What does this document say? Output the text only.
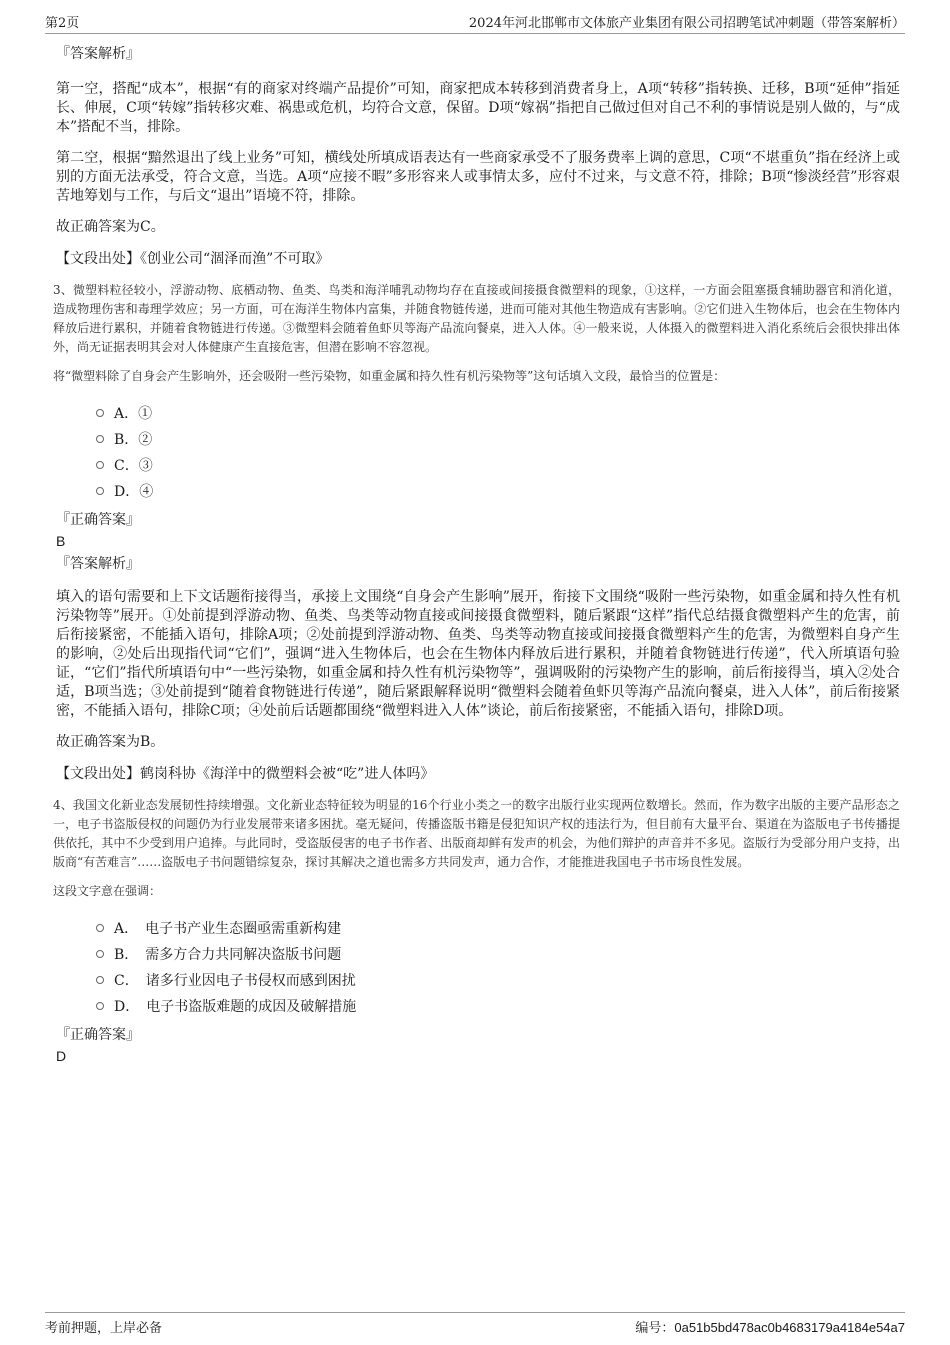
第2页	2024年河北邯郸市文体旅产业集团有限公司招聘笔试冲刺题（带答案解析）
『答案解析』

第一空，搭配“成本”，根据“有的商家对终端产品提价”可知，商家把成本转移到消费者身上，A项“转移”指转换、迁移，B项“延伸”指延长、伸展，C项“转嫁”指转移灾难、祸患或危机，均符合文意，保留。D项“嫁祸”指把自己做过但对自己不利的事情说是别人做的，与“成本”搭配不当，排除。

第二空，根据“黯然退出了线上业务”可知，横线处所填成语表达有一些商家承受不了服务费率上调的意思，C项“不堪重负”指在经济上或别的方面无法承受，符合文意，当选。A项“应接不暇”多形容来人或事情太多，应付不过来，与文意不符，排除；B项“惨淡经营”形容艰苦地筹划与工作，与后文“退出”语境不符，排除。

故正确答案为C。

【文段出处】《创业公司“涸泽而渔”不可取》

3、微塑料粒径较小，浮游动物、底栖动物、鱼类、鸟类和海洋哺乳动物均存在直接或间接摄食微塑料的现象，①这样，一方面会阻塞摄食辅助器官和消化道，造成物理伤害和毒理学效应；另一方面，可在海洋生物体内富集，并随食物链传递，进而可能对其他生物造成有害影响。②它们进入生物体后，也会在生物体内释放后进行累积，并随着食物链进行传递。③微塑料会随着鱼虾贝等海产品流向餐桌，进入人体。④一般来说，人体摄入的微塑料进入消化系统后会很快排出体外，尚无证据表明其会对人体健康产生直接危害，但潜在影响不容忽视。

将“微塑料除了自身会产生影响外，还会吸附一些污染物，如重金属和持久性有机污染物等”这句话填入文段，最恰当的位置是：

A．①
B．②
C．③
D．④
『正确答案』
B
『答案解析』

填入的语句需要和上下文话题衔接得当，承接上文围绕“自身会产生影响”展开，衔接下文围绕“吸附一些污染物，如重金属和持久性有机污染物等”展开。①处前提到浮游动物、鱼类、鸟类等动物直接或间接摄食微塑料，随后紧跟“这样”指代总结摄食微塑料产生的危害，前后衔接紧密，不能插入语句，排除A项；②处前提到浮游动物、鱼类、鸟类等动物直接或间接摄食微塑料产生的危害，为微塑料自身产生的影响，②处后出现指代词“它们”，强调“进入生物体后，也会在生物体内释放后进行累积，并随着食物链进行传递”，代入所填语句验证，“它们”指代所填语句中“一些污染物，如重金属和持久性有机污染物等”，强调吸附的污染物产生的影响，前后衔接得当，填入②处合适，B项当选；③处前提到“随着食物链进行传递”，随后紧跟解释说明“微塑料会随着鱼虾贝等海产品流向餐桌，进入人体”，前后衔接紧密，不能插入语句，排除C项；④处前后话题都围绕“微塑料进入人体”谈论，前后衔接紧密，不能插入语句，排除D项。

故正确答案为B。

【文段出处】鹤岗科协《海洋中的微塑料会被“吃”进人体吗》

4、我国文化新业态发展韧性持续增强。文化新业态特征较为明显的16个行业小类之一的数字出版行业实现两位数增长。然而，作为数字出版的主要产品形态之一，电子书盗版侵权的问题仍为行业发展带来诸多困扰。毫无疑问，传播盗版书籍是侵犯知识产权的违法行为，但目前有大量平台、渠道在为盗版电子书传播提供依托，其中不少受到用户追捧。与此同时，受盗版侵害的电子书作者、出版商却鲜有发声的机会，为他们辩护的声音并不多见。盗版行为受部分用户支持，出版商“有苦难言”……盗版电子书问题错综复杂，探讨其解决之道也需多方共同发声，通力合作，才能推进我国电子书市场良性发展。

这段文字意在强调：

A．　电子书产业生态圈亟需重新构建
B．　需多方合力共同解决盗版书问题
C．　诸多行业因电子书侵权而感到困扰
D．　电子书盗版难题的成因及破解措施
『正确答案』
D
考前押题，上岸必备	编号：0a51b5bd478ac0b4683179a4184e54a7
